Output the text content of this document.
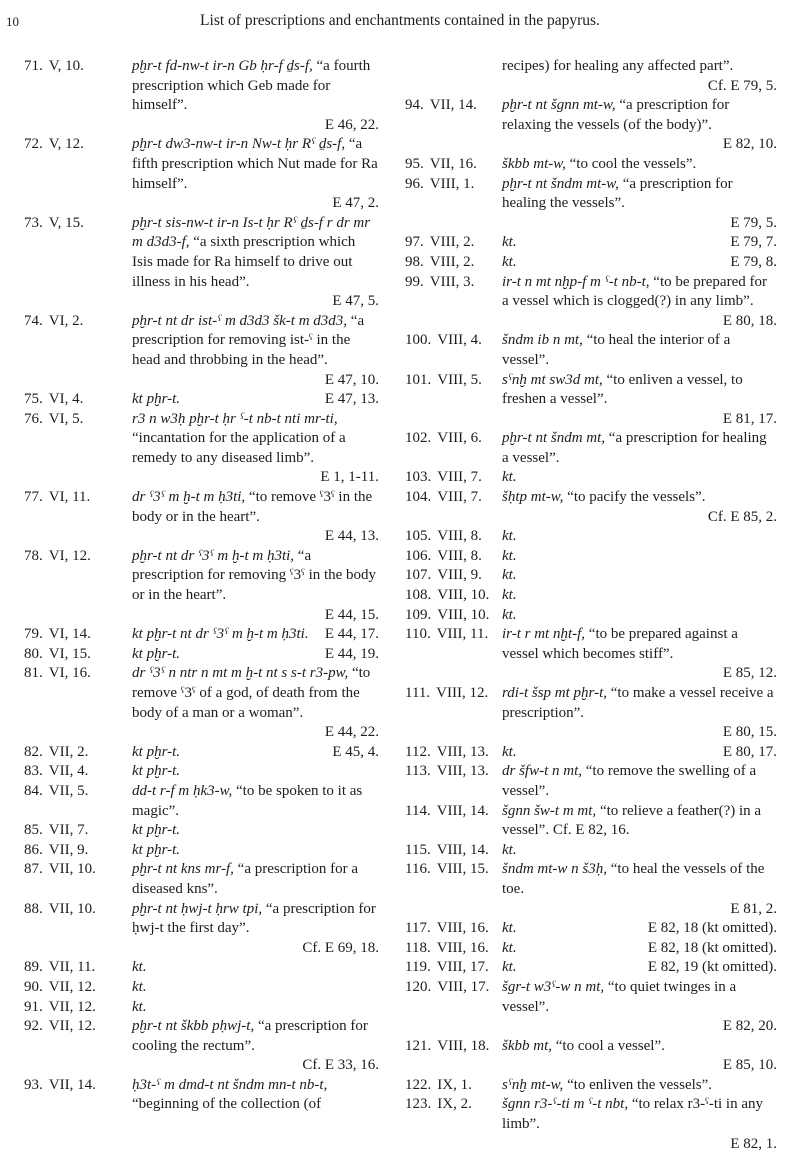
10	List of prescriptions and enchantments contained in the papyrus.
71. V, 10.	pḫr-t fd-nw-t ir-n Gb ḥr-f ḏs-f, “a fourth prescription which Geb made for himself”.
E 46, 22.
72. V, 12.	pḫr-t dw3-nw-t ir-n Nw-t ḥr Rˁ ḏs-f, “a fifth prescription which Nut made for Ra himself”.
E 47, 2.
73. V, 15.	pḫr-t sis-nw-t ir-n Is-t ḥr Rˁ ḏs-f r dr mr m d3d3-f, “a sixth prescription which Isis made for Ra himself to drive out illness in his head”.
E 47, 5.
74. VI, 2.	pḫr-t nt dr ist-ˁ m d3d3 šk-t m d3d3, “a prescription for removing ist-ˁ in the head and throbbing in the head”.
E 47, 10.
75. VI, 4.	kt pḫr-t.	E 47, 13.
76. VI, 5.	r3 n w3ḥ pḫr-t ḥr ˁ-t nb-t nti mr-ti, “incantation for the application of a remedy to any diseased limb”.
E 1, 1-11.
77. VI, 11.	dr ˁ3ˁ m ḫ-t m ḥ3ti, “to remove ˁ3ˁ in the body or in the heart”.
E 44, 13.
78. VI, 12.	pḫr-t nt dr ˁ3ˁ m ḫ-t m ḥ3ti, “a prescription for removing ˁ3ˁ in the body or in the heart”.
E 44, 15.
79. VI, 14.	kt pḫr-t nt dr ˁ3ˁ m ḫ-t m ḥ3ti.	E 44, 17.
80. VI, 15.	kt pḫr-t.	E 44, 19.
81. VI, 16.	dr ˁ3ˁ n ntr n mt m ḫ-t nt s s-t r3-pw, “to remove ˁ3ˁ of a god, of death from the body of a man or a woman”.
E 44, 22.
82. VII, 2.	kt pḫr-t.	E 45, 4.
83. VII, 4.	kt pḫr-t.
84. VII, 5.	dd-t r-f m ḥk3-w, “to be spoken to it as magic”.
85. VII, 7.	kt pḫr-t.
86. VII, 9.	kt pḫr-t.
87. VII, 10.	pḫr-t nt kns mr-f, “a prescription for a diseased kns”.
88. VII, 10.	pḫr-t nt ḥwj-t ḥrw tpi, “a prescription for ḥwj-t the first day”.
Cf. E 69, 18.
89. VII, 11.	kt.
90. VII, 12.	kt.
91. VII, 12.	kt.
92. VII, 12.	pḫr-t nt škbb pḥwj-t, “a prescription for cooling the rectum”.
Cf. E 33, 16.
93. VII, 14.	ḥ3t-ˁ m dmd-t nt šndm mn-t nb-t, “beginning of the collection (of
recipes) for healing any affected part”.
Cf. E 79, 5.
94. VII, 14.	pḫr-t nt šgnn mt-w, “a prescription for relaxing the vessels (of the body)”.
E 82, 10.
95. VII, 16.	škbb mt-w, “to cool the vessels”.
96. VIII, 1.	pḫr-t nt šndm mt-w, “a prescription for healing the vessels”.
E 79, 5.
97. VIII, 2.	kt.	E 79, 7.
98. VIII, 2.	kt.	E 79, 8.
99. VIII, 3.	ir-t n mt nḫp-f m ˁ-t nb-t, “to be prepared for a vessel which is clogged(?) in any limb”.
E 80, 18.
100. VIII, 4.	šndm ib n mt, “to heal the interior of a vessel”.
101. VIII, 5.	sˁnḫ mt sw3d mt, “to enliven a vessel, to freshen a vessel”.
E 81, 17.
102. VIII, 6.	pḫr-t nt šndm mt, “a prescription for healing a vessel”.
103. VIII, 7.	kt.
104. VIII, 7.	šḥtp mt-w, “to pacify the vessels”.
Cf. E 85, 2.
105. VIII, 8.	kt.
106. VIII, 8.	kt.
107. VIII, 9.	kt.
108. VIII, 10. kt.
109. VIII, 10. kt.
110. VIII, 11. ir-t r mt nḫt-f, “to be prepared against a vessel which becomes stiff”.
E 85, 12.
111. VIII, 12. rdi-t šsp mt pḫr-t, “to make a vessel receive a prescription”.
E 80, 15.
112. VIII, 13. kt.	E 80, 17.
113. VIII, 13. dr šfw-t n mt, “to remove the swelling of a vessel”.
114. VIII, 14. šgnn šw-t m mt, “to relieve a feather(?) in a vessel”. Cf. E 82, 16.
115. VIII, 14. kt.
116. VIII, 15. šndm mt-w n š3ḥ, “to heal the vessels of the toe.
E 81, 2.
117. VIII, 16. kt.	E 82, 18 (kt omitted).
118. VIII, 16. kt.	E 82, 18 (kt omitted).
119. VIII, 17. kt.	E 82, 19 (kt omitted).
120. VIII, 17. šgr-t w3ˁ-w n mt, “to quiet twinges in a vessel”.
E 82, 20.
121. VIII, 18. škbb mt, “to cool a vessel”.
E 85, 10.
122. IX, 1.	sˁnḫ mt-w, “to enliven the vessels”.
123. IX, 2.	šgnn r3-ˁ-ti m ˁ-t nbt, “to relax r3-ˁ-ti in any limb”.
E 82, 1.
